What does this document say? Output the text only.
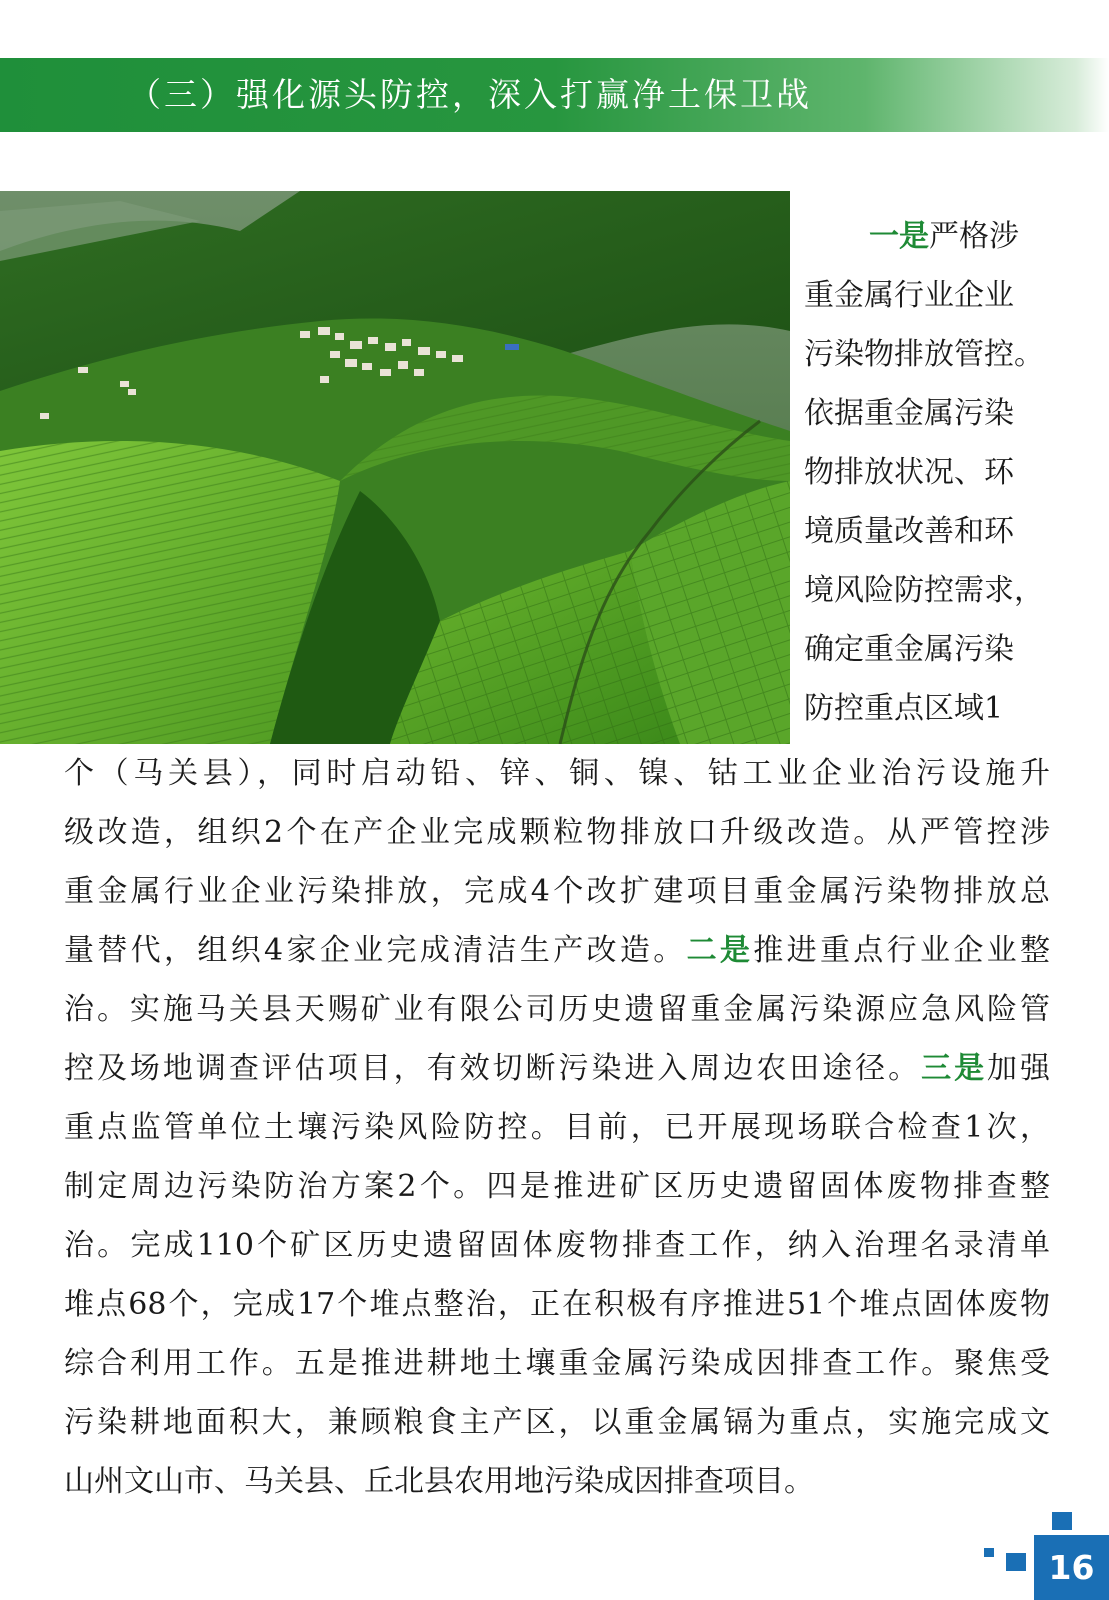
（三）强化源头防控，深入打赢净土保卫战
一是严格涉
重金属行业企业
污染物排放管控。
依据重金属污染
物排放状况、环
境质量改善和环
境风险防控需求，
确定重金属污染
防控重点区域1
个（马关县），同时启动铅、锌、铜、镍、钴工业企业治污设施升
级改造，组织2个在产企业完成颗粒物排放口升级改造。从严管控涉
重金属行业企业污染排放，完成4个改扩建项目重金属污染物排放总
量替代，组织4家企业完成清洁生产改造。二是推进重点行业企业整
治。实施马关县天赐矿业有限公司历史遗留重金属污染源应急风险管
控及场地调查评估项目，有效切断污染进入周边农田途径。三是加强
重点监管单位土壤污染风险防控。目前，已开展现场联合检查1次，
制定周边污染防治方案2个。四是推进矿区历史遗留固体废物排查整
治。完成110个矿区历史遗留固体废物排查工作，纳入治理名录清单
堆点68个，完成17个堆点整治，正在积极有序推进51个堆点固体废物
综合利用工作。五是推进耕地土壤重金属污染成因排查工作。聚焦受
污染耕地面积大，兼顾粮食主产区，以重金属镉为重点，实施完成文
山州文山市、马关县、丘北县农用地污染成因排查项目。
16
